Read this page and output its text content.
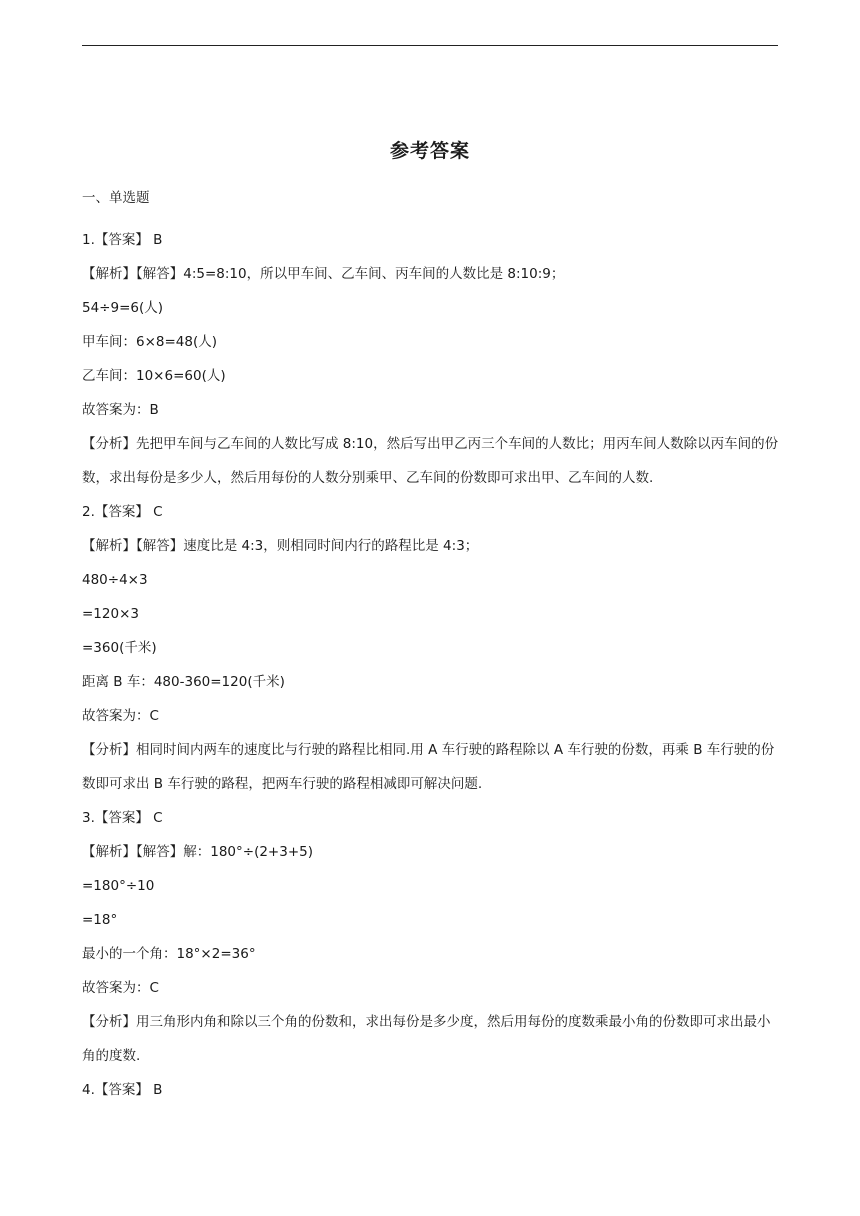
参考答案
一、单选题
1.【答案】 B
【解析】【解答】4:5=8:10，所以甲车间、乙车间、丙车间的人数比是 8:10:9；
54÷9=6(人)
甲车间：6×8=48(人)
乙车间：10×6=60(人)
故答案为：B
【分析】先把甲车间与乙车间的人数比写成 8:10，然后写出甲乙丙三个车间的人数比；用丙车间人数除以丙车间的份数，求出每份是多少人，然后用每份的人数分别乘甲、乙车间的份数即可求出甲、乙车间的人数.
2.【答案】 C
【解析】【解答】速度比是 4:3，则相同时间内行的路程比是 4:3；
480÷4×3
=120×3
=360(千米)
距离 B 车：480-360=120(千米)
故答案为：C
【分析】相同时间内两车的速度比与行驶的路程比相同.用 A 车行驶的路程除以 A 车行驶的份数，再乘 B 车行驶的份数即可求出 B 车行驶的路程，把两车行驶的路程相减即可解决问题.
3.【答案】 C
【解析】【解答】解：180°÷(2+3+5)
=180°÷10
=18°
最小的一个角：18°×2=36°
故答案为：C
【分析】用三角形内角和除以三个角的份数和，求出每份是多少度，然后用每份的度数乘最小角的份数即可求出最小角的度数.
4.【答案】 B
